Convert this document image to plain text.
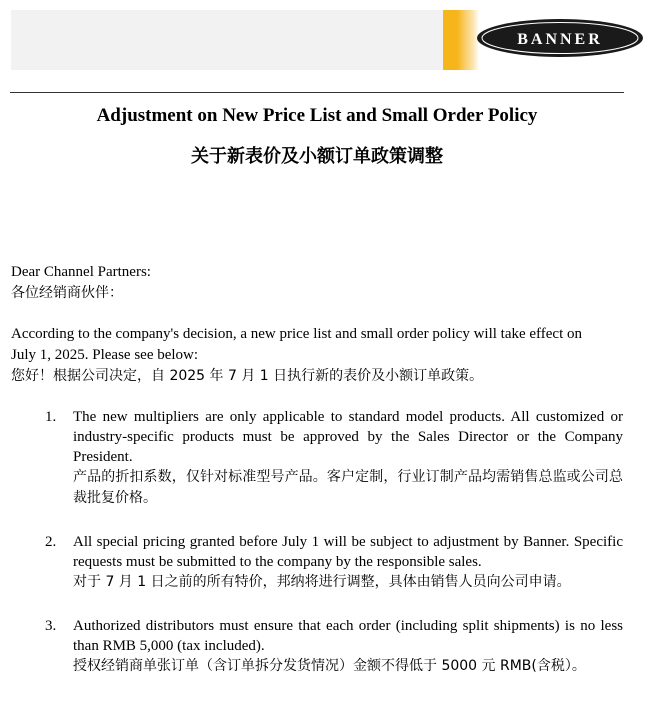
BANNER
Adjustment on New Price List and Small Order Policy
关于新表价及小额订单政策调整
Dear Channel Partners:
各位经销商伙伴：
According to the company's decision, a new price list and small order policy will take effect on
July 1, 2025. Please see below:
您好！根据公司决定，自 2025 年 7 月 1 日执行新的表价及小额订单政策。
1. The new multipliers are only applicable to standard model products. All customized or industry-specific products must be approved by the Sales Director or the Company President.
产品的折扣系数，仅针对标准型号产品。客户定制，行业订制产品均需销售总监或公司总裁批复价格。
2. All special pricing granted before July 1 will be subject to adjustment by Banner. Specific requests must be submitted to the company by the responsible sales.
对于 7 月 1 日之前的所有特价，邦纳将进行调整，具体由销售人员向公司申请。
3. Authorized distributors must ensure that each order (including split shipments) is no less than RMB 5,000 (tax included).
授权经销商单张订单（含订单拆分发货情况）金额不得低于 5000 元 RMB(含税）。
